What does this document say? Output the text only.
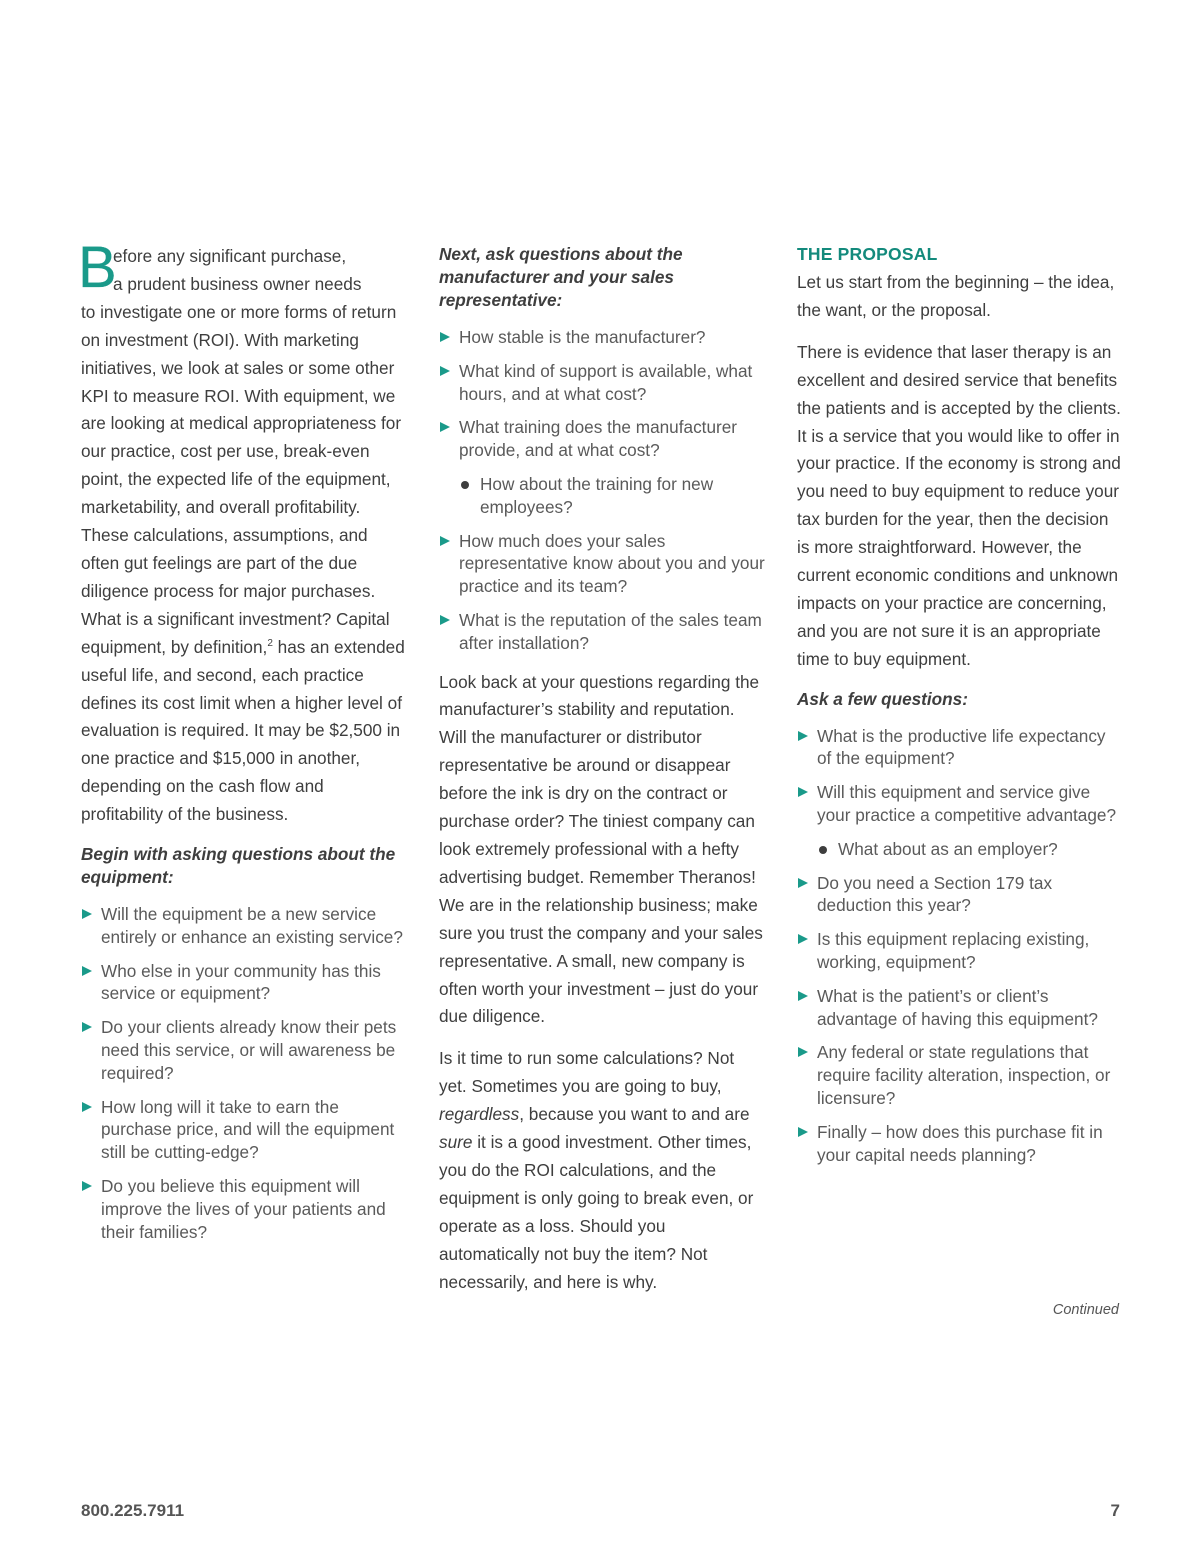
B

efore any significant purchase,
a prudent business owner needs
to investigate one or more forms of return on investment (ROI). With marketing initiatives, we look at sales or some other KPI to measure ROI. With equipment, we are looking at medical appropriateness for our practice, cost per use, break-even point, the expected life of the equipment, marketability, and overall profitability. These calculations, assumptions, and often gut feelings are part of the due diligence process for major purchases. What is a significant investment? Capital equipment, by definition,$^2$ has an extended useful life, and second, each practice defines its cost limit when a higher level of evaluation is required. It may be $2,500 in one practice and $15,000 in another, depending on the cash flow and profitability of the business.

Begin with asking questions about the equipment:

Will the equipment be a new service entirely or enhance an existing service?
Who else in your community has this service or equipment?
Do your clients already know their pets need this service, or will awareness be required?
How long will it take to earn the purchase price, and will the equipment still be cutting-edge?
Do you believe this equipment will improve the lives of your patients and their families?

Next, ask questions about the manufacturer and your sales representative:

How stable is the manufacturer?
What kind of support is available, what hours, and at what cost?
What training does the manufacturer provide, and at what cost?
How about the training for new employees?
How much does your sales representative know about you and your practice and its team?
What is the reputation of the sales team after installation?

Look back at your questions regarding the manufacturer’s stability and reputation. Will the manufacturer or distributor representative be around or disappear before the ink is dry on the contract or purchase order? The tiniest company can look extremely professional with a hefty advertising budget. Remember Theranos! We are in the relationship business; make sure you trust the company and your sales representative. A small, new company is often worth your investment – just do your due diligence.

Is it time to run some calculations? Not yet. Sometimes you are going to buy, regardless, because you want to and are sure it is a good investment. Other times, you do the ROI calculations, and the equipment is only going to break even, or operate as a loss. Should you automatically not buy the item? Not necessarily, and here is why.

THE PROPOSAL

Let us start from the beginning – the idea, the want, or the proposal.

There is evidence that laser therapy is an excellent and desired service that benefits the patients and is accepted by the clients. It is a service that you would like to offer in your practice. If the economy is strong and you need to buy equipment to reduce your tax burden for the year, then the decision is more straightforward. However, the current economic conditions and unknown impacts on your practice are concerning, and you are not sure it is an appropriate time to buy equipment.

Ask a few questions:

What is the productive life expectancy of the equipment?
Will this equipment and service give your practice a competitive advantage?
What about as an employer?
Do you need a Section 179 tax deduction this year?
Is this equipment replacing existing, working, equipment?
What is the patient’s or client’s advantage of having this equipment?
Any federal or state regulations that require facility alteration, inspection, or licensure?
Finally – how does this purchase fit in your capital needs planning?
Continued
800.225.7911	7
